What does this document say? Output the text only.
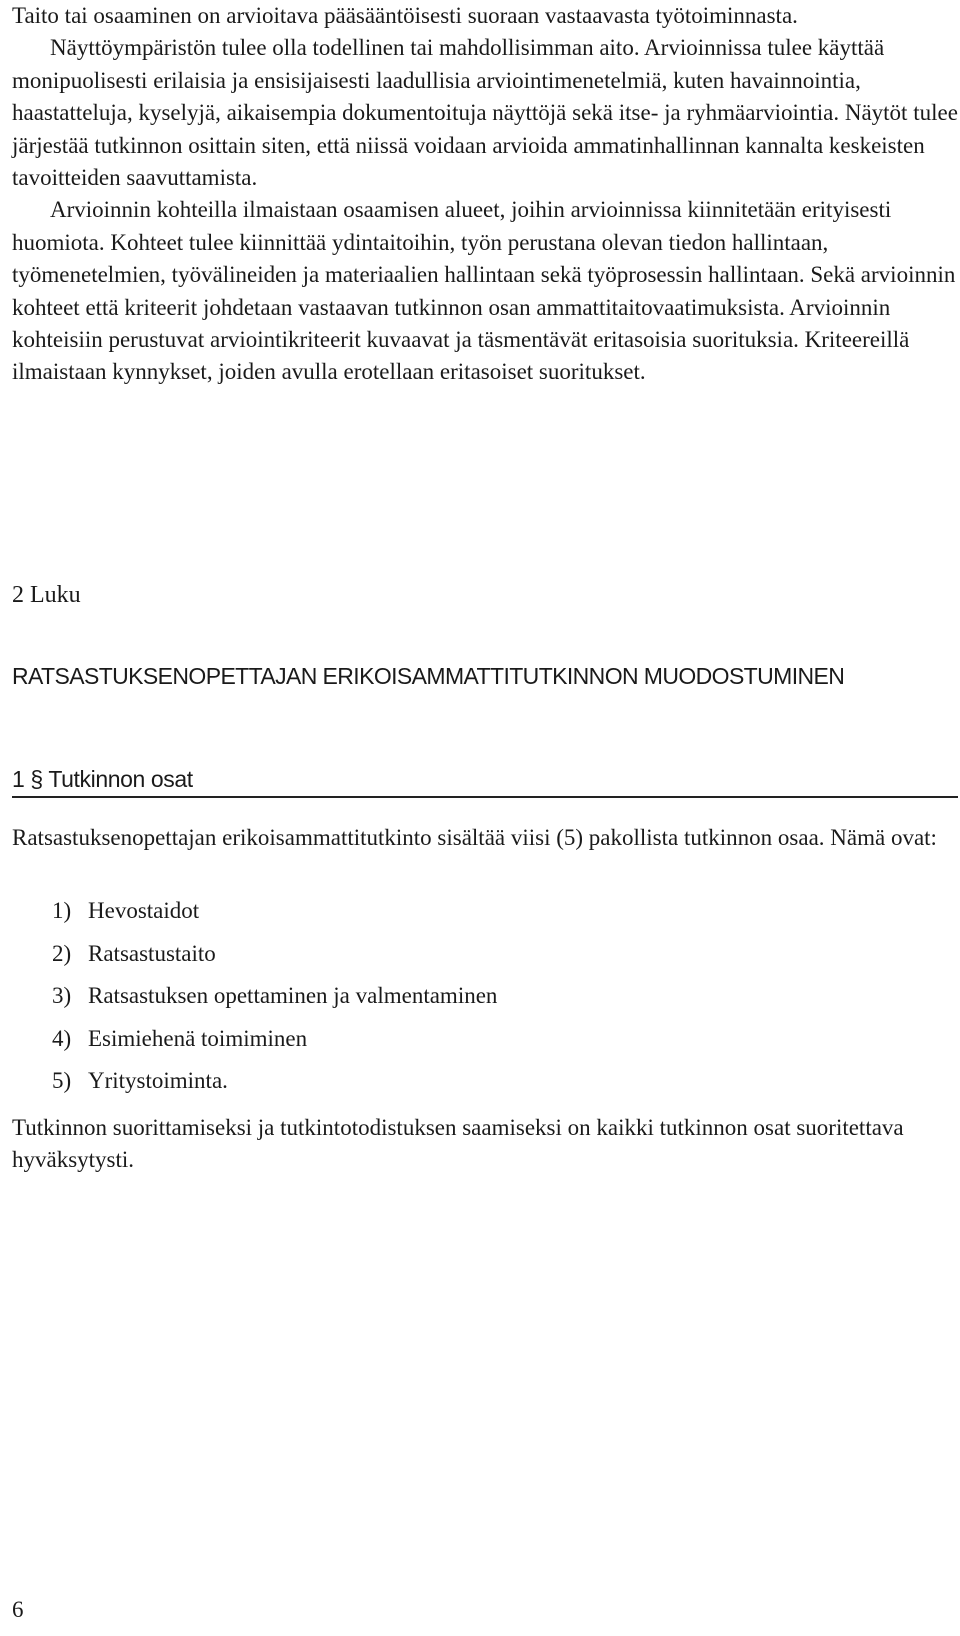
Taito tai osaaminen on arvioitava pääsääntöisesti suoraan vastaavasta työtoiminnasta.

Näyttöympäristön tulee olla todellinen tai mahdollisimman aito. Arvioinnissa tulee käyttää monipuolisesti erilaisia ja ensisijaisesti laadullisia arviointimenetelmiä, kuten havainnointia, haastatteluja, kyselyjä, aikaisempia dokumentoituja näyttöjä sekä itse- ja ryhmäarviointia. Näytöt tulee järjestää tutkinnon osittain siten, että niissä voidaan arvioida ammatinhallinnan kannalta keskeisten tavoitteiden saavuttamista.

Arvioinnin kohteilla ilmaistaan osaamisen alueet, joihin arvioinnissa kiinnitetään erityisesti huomiota. Kohteet tulee kiinnittää ydintaitoihin, työn perustana olevan tiedon hallintaan, työmenetelmien, työvälineiden ja materiaalien hallintaan sekä työprosessin hallintaan. Sekä arvioinnin kohteet että kriteerit johdetaan vastaavan tutkinnon osan ammattitaitovaatimuksista. Arvioinnin kohteisiin perustuvat arviointikriteerit kuvaavat ja täsmentävät eritasoisia suorituksia. Kriteereillä ilmaistaan kynnykset, joiden avulla erotellaan eritasoiset suoritukset.

2 Luku

RATSASTUKSENOPETTAJAN ERIKOISAMMATTITUTKINNON MUODOSTUMINEN

1 § Tutkinnon osat

Ratsastuksenopettajan erikoisammattitutkinto sisältää viisi (5) pakollista tutkinnon osaa. Nämä ovat:

1) Hevostaidot
2) Ratsastustaito
3) Ratsastuksen opettaminen ja valmentaminen
4) Esimiehenä toimiminen
5) Yritystoiminta.

Tutkinnon suorittamiseksi ja tutkintotodistuksen saamiseksi on kaikki tutkinnon osat suoritettava hyväksytysti.

6
